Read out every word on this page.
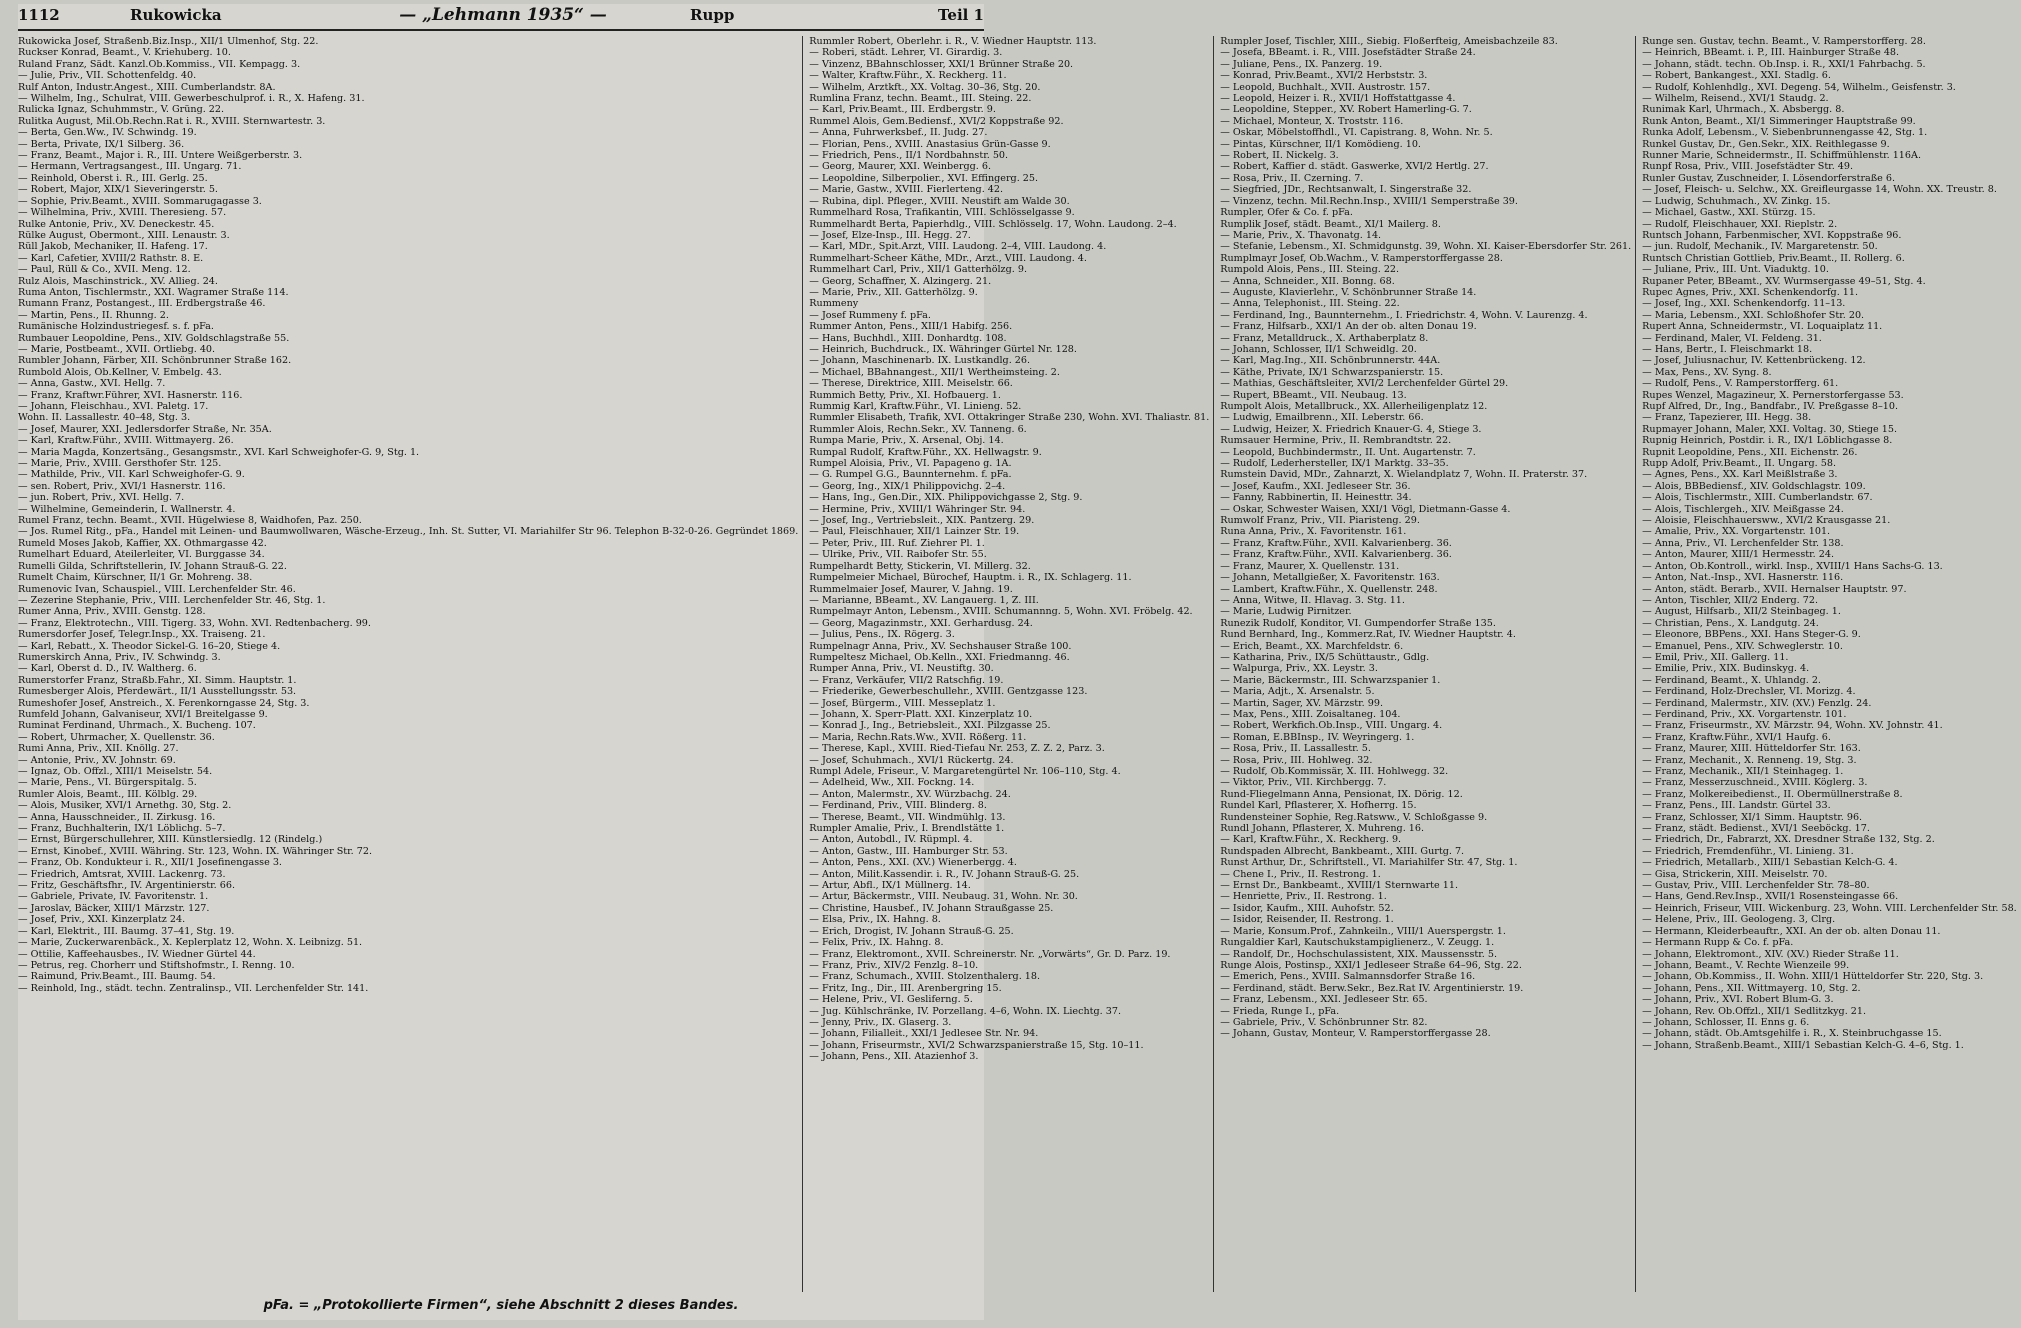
1112	Rukowicka	— „Lehmann 1935“ —	Rupp	Teil 1
Rukowicka Josef, Straßenb.Biz.Insp., XII/1 Ulmenhof, Stg. 22.
Ruckser Konrad, Beamt., V. Kriehuberg. 10.
Ruland Franz, Sädt. Kanzl.Ob.Kommiss., VII. Kempagg. 3.
— Julie, Priv., VII. Schottenfeldg. 40.
Rulf Anton, Industr.Angest., XIII. Cumberlandstr. 8A.
— Wilhelm, Ing., Schulrat, VIII. Gewerbeschulprof. i. R., X. Hafeng. 31.
Rulicka Ignaz, Schuhmmstr., V. Grüng. 22.
Rulitka August, Mil.Ob.Rechn.Rat i. R., XVIII. Sternwartestr. 3.
— Berta, Gen.Ww., IV. Schwindg. 19.
— Berta, Private, IX/1 Silberg. 36.
— Franz, Beamt., Major i. R., III. Untere Weißgerberstr. 3.
— Hermann, Vertragsangest., III. Ungarg. 71.
— Reinhold, Oberst i. R., III. Gerlg. 25.
— Robert, Major, XIX/1 Sieveringerstr. 5.
— Sophie, Priv.Beamt., XVIII. Sommarugagasse 3.
— Wilhelmina, Priv., XVIII. Theresieng. 57.
Rulke Antonie, Priv., XV. Deneckestr. 45.
Rülke August, Obermont., XIII. Lenaustr. 3.
Rüll Jakob, Mechaniker, II. Hafeng. 17.
— Karl, Cafetier, XVIII/2 Rathstr. 8. E.
— Paul, Rüll & Co., XVII. Meng. 12.
Rulz Alois, Maschinstrick., XV. Allieg. 24.
Ruma Anton, Tischlermstr., XXI. Wagramer Straße 114.
Rumann Franz, Postangest., III. Erdbergstraße 46.
— Martin, Pens., II. Rhunng. 2.
Rumänische Holzindustriegesf. s. f. pFa.
Rumbauer Leopoldine, Pens., XIV. Goldschlagstraße 55.
— Marie, Postbeamt., XVII. Ortliebg. 40.
Rumbler Johann, Färber, XII. Schönbrunner Straße 162.
Rumbold Alois, Ob.Kellner, V. Embelg. 43.
— Anna, Gastw., XVI. Hellg. 7.
— Franz, Kraftwr.Führer, XVI. Hasnerstr. 116.
— Johann, Fleischhau., XVI. Paletg. 17.
Wohn. II. Lassallestr. 40–48, Stg. 3.
— Josef, Maurer, XXI. Jedlersdorfer Straße, Nr. 35A.
— Karl, Kraftw.Führ., XVIII. Wittmayerg. 26.
— Maria Magda, Konzertsäng., Gesangsmstr., XVI. Karl Schweighofer-G. 9, Stg. 1.
— Marie, Priv., XVIII. Gersthofer Str. 125.
— Mathilde, Priv., VII. Karl Schweighofer-G. 9.
— sen. Robert, Priv., XVI/1 Hasnerstr. 116.
— jun. Robert, Priv., XVI. Hellg. 7.
— Wilhelmine, Gemeinderin, I. Wallnerstr. 4.
Rumel Franz, techn. Beamt., XVII. Hügelwiese 8, Waidhofen, Paz. 250.
— Jos. Rumel Ritg., pFa., Handel mit Leinen- und Baumwollwaren, Wäsche-Erzeug., Inh. St. Sutter, VI. Mariahilfer Str 96. Telephon B-32-0-26. Gegründet 1869.
Rumeld Moses Jakob, Kaffier, XX. Othmargasse 42.
Rumelhart Eduard, Ateilerleiter, VI. Burggasse 34.
Rumelli Gilda, Schriftstellerin, IV. Johann Strauß-G. 22.
Rumelt Chaim, Kürschner, II/1 Gr. Mohreng. 38.
Rumenovic Ivan, Schauspiel., VIII. Lerchenfelder Str. 46.
— Zezerine Stephanie, Priv., VIII. Lerchenfelder Str. 46, Stg. 1.
Rumer Anna, Priv., XVIII. Genstg. 128.
— Franz, Elektrotechn., VIII. Tigerg. 33, Wohn. XVI. Redtenbacherg. 99.
Rumersdorfer Josef, Telegr.Insp., XX. Traiseng. 21.
— Karl, Rebatt., X. Theodor Sickel-G. 16–20, Stiege 4.
Rumerskirch Anna, Priv., IV. Schwindg. 3.
— Karl, Oberst d. D., IV. Waltherg. 6.
Rumerstorfer Franz, Straßb.Fahr., XI. Simm. Hauptstr. 1.
Rumesberger Alois, Pferdewärt., II/1 Ausstellungsstr. 53.
Rumeshofer Josef, Anstreich., X. Ferenkorngasse 24, Stg. 3.
Rumfeld Johann, Galvaniseur, XVI/1 Breitelgasse 9.
Ruminat Ferdinand, Uhrmach., X. Bucheng. 107.
— Robert, Uhrmacher, X. Quellenstr. 36.
Rumi Anna, Priv., XII. Knöllg. 27.
— Antonie, Priv., XV. Johnstr. 69.
— Ignaz, Ob. Offzl., XIII/1 Meiselstr. 54.
— Marie, Pens., VI. Bürgerspitalg. 5.
Rumler Alois, Beamt., III. Kölblg. 29.
— Alois, Musiker, XVI/1 Arnethg. 30, Stg. 2.
— Anna, Hausschneider., II. Zirkusg. 16.
— Franz, Buchhalterin, IX/1 Löblichg. 5–7.
— Ernst, Bürgerschullehrer, XIII. Künstlersiedlg. 12 (Rindelg.)
— Ernst, Kinobef., XVIII. Währing. Str. 123, Wohn. IX. Währinger Str. 72.
— Franz, Ob. Kondukteur i. R., XII/1 Josefinengasse 3.
— Friedrich, Amtsrat, XVIII. Lackenrg. 73.
— Fritz, Geschäftsfhr., IV. Argentinierstr. 66.
— Gabriele, Private, IV. Favoritenstr. 1.
— Jaroslav, Bäcker, XIII/1 Märzstr. 127.
— Josef, Priv., XXI. Kinzerplatz 24.
— Karl, Elektrit., III. Baumg. 37–41, Stg. 19.
— Marie, Zuckerwarenbäck., X. Keplerplatz 12, Wohn. X. Leibnizg. 51.
— Ottilie, Kaffeehausbes., IV. Wiedner Gürtel 44.
— Petrus, reg. Chorherr und Stiftshofmstr., I. Renng. 10.
— Raimund, Priv.Beamt., III. Baumg. 54.
— Reinhold, Ing., städt. techn. Zentralinsp., VII. Lerchenfelder Str. 141.
Rummler Robert, Oberlehr. i. R., V. Wiedner Hauptstr. 113.
— Roberi, städt. Lehrer, VI. Girardig. 3.
— Vinzenz, BBahnschlosser, XXI/1 Brünner Straße 20.
— Walter, Kraftw.Führ., X. Reckherg. 11.
— Wilhelm, Arztkft., XX. Voltag. 30–36, Stg. 20.
Rumlina Franz, techn. Beamt., III. Steing. 22.
— Karl, Priv.Beamt., III. Erdbergstr. 9.
Rummel Alois, Gem.Bediensf., XVI/2 Koppstraße 92.
— Anna, Fuhrwerksbef., II. Judg. 27.
— Florian, Pens., XVIII. Anastasius Grün-Gasse 9.
— Friedrich, Pens., II/1 Nordbahnstr. 50.
— Georg, Maurer, XXI. Weinbergg. 6.
— Leopoldine, Silberpolier., XVI. Effingerg. 25.
— Marie, Gastw., XVIII. Fierlerteng. 42.
— Rubina, dipl. Pfleger., XVIII. Neustift am Walde 30.
Rummelhard Rosa, Trafikantin, VIII. Schlösselgasse 9.
Rummelhardt Berta, Papierhdlg., VIII. Schlösselg. 17, Wohn. Laudong. 2–4.
— Josef, Elze-Insp., III. Hegg. 27.
— Karl, MDr., Spit.Arzt, VIII. Laudong. 2–4, VIII. Laudong. 4.
Rummelhart-Scheer Käthe, MDr., Arzt., VIII. Laudong. 4.
Rummelhart Carl, Priv., XII/1 Gatterhölzg. 9.
— Georg, Schaffner, X. Alzingerg. 21.
— Marie, Priv., XII. Gatterhölzg. 9.
Rummeny
— Josef Rummeny f. pFa.
Rummer Anton, Pens., XIII/1 Habifg. 256.
— Hans, Buchhdl., XIII. Donhardtg. 108.
— Heinrich, Buchdruck., IX. Währinger Gürtel Nr. 128.
— Johann, Maschinenarb. IX. Lustkandlg. 26.
— Michael, BBahnangest., XII/1 Wertheimsteing. 2.
— Therese, Direktrice, XIII. Meiselstr. 66.
Rummich Betty, Priv., XI. Hofbauerg. 1.
Rummig Karl, Kraftw.Führ., VI. Linieng. 52.
Rummler Elisabeth, Trafik, XVI. Ottakringer Straße 230, Wohn. XVI. Thaliastr. 81.
Rummler Alois, Rechn.Sekr., XV. Tanneng. 6.
Rumpa Marie, Priv., X. Arsenal, Obj. 14.
Rumpal Rudolf, Kraftw.Führ., XX. Hellwagstr. 9.
Rumpel Aloisia, Priv., VI. Papageno g. 1A.
— G. Rumpel G.G., Baunnternehm. f. pFa.
— Georg, Ing., XIX/1 Philippovichg. 2–4.
— Hans, Ing., Gen.Dir., XIX. Philippovichgasse 2, Stg. 9.
— Hermine, Priv., XVIII/1 Währinger Str. 94.
— Josef, Ing., Vertriebsleit., XIX. Pantzerg. 29.
— Paul, Fleischhauer, XII/1 Lainzer Str. 19.
— Peter, Priv., III. Ruf. Ziehrer Pl. 1.
— Ulrike, Priv., VII. Raibofer Str. 55.
Rumpelhardt Betty, Stickerin, VI. Millerg. 32.
Rumpelmeier Michael, Bürochef, Hauptm. i. R., IX. Schlagerg. 11.
Rummelmaier Josef, Maurer, V. Jahng. 19.
— Marianne, BBeamt., XV. Langauerg. 1, Z. III.
Rumpelmayr Anton, Lebensm., XVIII. Schumannng. 5, Wohn. XVI. Fröbelg. 42.
— Georg, Magazinmstr., XXI. Gerhardusg. 24.
— Julius, Pens., IX. Rögerg. 3.
Rumpelnagr Anna, Priv., XV. Sechshauser Straße 100.
Rumpeltesz Michael, Ob.Kelln., XXI. Friedmanng. 46.
Rumper Anna, Priv., VI. Neustiftg. 30.
— Franz, Verkäufer, VII/2 Ratschfig. 19.
— Friederike, Gewerbeschullehr., XVIII. Gentzgasse 123.
— Josef, Bürgerm., VIII. Messeplatz 1.
— Johann, X. Sperr-Platt. XXI. Kinzerplatz 10.
— Konrad J., Ing., Betriebsleit., XXI. Pilzgasse 25.
— Maria, Rechn.Rats.Ww., XVII. Rößerg. 11.
— Therese, Kapl., XVIII. Ried-Tiefau Nr. 253, Z. Z. 2, Parz. 3.
— Josef, Schuhmach., XVI/1 Rückertg. 24.
Rumpl Adele, Friseur., V. Margaretengürtel Nr. 106–110, Stg. 4.
— Adelheid, Ww., XII. Fockng. 14.
— Anton, Malermstr., XV. Würzbachg. 24.
— Ferdinand, Priv., VIII. Blinderg. 8.
— Therese, Beamt., VII. Windmühlg. 13.
Rumpler Amalie, Priv., I. Brendlstätte 1.
— Anton, Autobdl., IV. Rüpmpl. 4.
— Anton, Gastw., III. Hamburger Str. 53.
— Anton, Pens., XXI. (XV.) Wienerbergg. 4.
— Anton, Milit.Kassendir. i. R., IV. Johann Strauß-G. 25.
— Artur, Abfl., IX/1 Müllnerg. 14.
— Artur, Bäckermstr., VIII. Neubaug. 31, Wohn. Nr. 30.
— Christine, Hausbef., IV. Johann Straußgasse 25.
— Elsa, Priv., IX. Hahng. 8.
— Erich, Drogist, IV. Johann Strauß-G. 25.
— Felix, Priv., IX. Hahng. 8.
— Franz, Elektromont., XVII. Schreinerstr. Nr. „Vorwärts“, Gr. D. Parz. 19.
— Franz, Priv., XIV/2 Fenzlg. 8–10.
— Franz, Schumach., XVIII. Stolzenthalerg. 18.
— Fritz, Ing., Dir., III. Arenbergring 15.
— Helene, Priv., VI. Gesliferng. 5.
— Jug. Kühlschränke, IV. Porzellang. 4–6, Wohn. IX. Liechtg. 37.
— Jenny, Priv., IX. Glaserg. 3.
— Johann, Filialleit., XXI/1 Jedlesee Str. Nr. 94.
— Johann, Friseurmstr., XVI/2 Schwarzspanierstraße 15, Stg. 10–11.
— Johann, Pens., XII. Atazienhof 3.
Rumpler Josef, Tischler, XIII., Siebig. Floßerfteig, Ameisbachzeile 83.
— Josefa, BBeamt. i. R., VIII. Josefstädter Straße 24.
— Juliane, Pens., IX. Panzerg. 19.
— Konrad, Priv.Beamt., XVI/2 Herbststr. 3.
— Leopold, Buchhalt., XVII. Austrostr. 157.
— Leopold, Heizer i. R., XVII/1 Hoffstattgasse 4.
— Leopoldine, Stepper., XV. Robert Hamerling-G. 7.
— Michael, Monteur, X. Troststr. 116.
— Oskar, Möbelstoffhdl., VI. Capistrang. 8, Wohn. Nr. 5.
— Pintas, Kürschner, II/1 Komödieng. 10.
— Robert, II. Nickelg. 3.
— Robert, Kaffier d. städt. Gaswerke, XVI/2 Hertlg. 27.
— Rosa, Priv., II. Czerning. 7.
— Siegfried, JDr., Rechtsanwalt, I. Singerstraße 32.
— Vinzenz, techn. Mil.Rechn.Insp., XVIII/1 Semperstraße 39.
Rumpler, Ofer & Co. f. pFa.
Rumplik Josef, städt. Beamt., XI/1 Mailerg. 8.
— Marie, Priv., X. Thavonatg. 14.
— Stefanie, Lebensm., XI. Schmidgunstg. 39, Wohn. XI. Kaiser-Ebersdorfer Str. 261.
Rumplmayr Josef, Ob.Wachm., V. Ramperstorffergasse 28.
Rumpold Alois, Pens., III. Steing. 22.
— Anna, Schneider., XII. Bonng. 68.
— Auguste, Klavierlehr., V. Schönbrunner Straße 14.
— Anna, Telephonist., III. Steing. 22.
— Ferdinand, Ing., Baunnternehm., I. Friedrichstr. 4, Wohn. V. Laurenzg. 4.
— Franz, Hilfsarb., XXI/1 An der ob. alten Donau 19.
— Franz, Metalldruck., X. Arthaberplatz 8.
— Johann, Schlosser, II/1 Schweidlg. 20.
— Karl, Mag.Ing., XII. Schönbrunnerstr. 44A.
— Käthe, Private, IX/1 Schwarzspanierstr. 15.
— Mathias, Geschäftsleiter, XVI/2 Lerchenfelder Gürtel 29.
— Rupert, BBeamt., VII. Neubaug. 13.
Rumpolt Alois, Metallbruck., XX. Allerheiligenplatz 12.
— Ludwig, Emailbrenn., XII. Leberstr. 66.
— Ludwig, Heizer, X. Friedrich Knauer-G. 4, Stiege 3.
Rumsauer Hermine, Priv., II. Rembrandtstr. 22.
— Leopold, Buchbindermstr., II. Unt. Augartenstr. 7.
— Rudolf, Lederhersteller, IX/1 Marktg. 33–35.
Rumstein David, MDr., Zahnarzt, X. Wielandplatz 7, Wohn. II. Praterstr. 37.
— Josef, Kaufm., XXI. Jedleseer Str. 36.
— Fanny, Rabbinertin, II. Heinesttr. 34.
— Oskar, Schwester Waisen, XXI/1 Vögl, Dietmann-Gasse 4.
Rumwolf Franz, Priv., VII. Piaristeng. 29.
Runa Anna, Priv., X. Favoritenstr. 161.
— Franz, Kraftw.Führ., XVII. Kalvarienberg. 36.
— Franz, Kraftw.Führ., XVII. Kalvarienberg. 36.
— Franz, Maurer, X. Quellenstr. 131.
— Johann, Metallgießer, X. Favoritenstr. 163.
— Lambert, Kraftw.Führ., X. Quellenstr. 248.
— Anna, Witwe, II. Hlavag. 3. Stg. 11.
— Marie, Ludwig Pirnitzer.
Runezik Rudolf, Konditor, VI. Gumpendorfer Straße 135.
Rund Bernhard, Ing., Kommerz.Rat, IV. Wiedner Hauptstr. 4.
— Erich, Beamt., XX. Marchfeldstr. 6.
— Katharina, Priv., IX/5 Schüttaustr., Gdlg.
— Walpurga, Priv., XX. Leystr. 3.
— Marie, Bäckermstr., III. Schwarzspanier 1.
— Maria, Adjt., X. Arsenalstr. 5.
— Martin, Sager, XV. Märzstr. 99.
— Max, Pens., XIII. Zoisaltaneg. 104.
— Robert, Werkfich.Ob.Insp., VIII. Ungarg. 4.
— Roman, E.BBInsp., IV. Weyringerg. 1.
— Rosa, Priv., II. Lassallestr. 5.
— Rosa, Priv., III. Hohlweg. 32.
— Rudolf, Ob.Kommissär, X. III. Hohlwegg. 32.
— Viktor, Priv., VII. Kirchbergg. 7.
Rund-Fliegelmann Anna, Pensionat, IX. Dörig. 12.
Rundel Karl, Pflasterer, X. Hofherrg. 15.
Rundensteiner Sophie, Reg.Ratsww., V. Schloßgasse 9.
Rundl Johann, Pflasterer, X. Muhreng. 16.
— Karl, Kraftw.Führ., X. Reckherg. 9.
Rundspaden Albrecht, Bankbeamt., XIII. Gurtg. 7.
Runst Arthur, Dr., Schriftstell., VI. Mariahilfer Str. 47, Stg. 1.
— Chene I., Priv., II. Restrong. 1.
— Ernst Dr., Bankbeamt., XVIII/1 Sternwarte 11.
— Henriette, Priv., II. Restrong. 1.
— Isidor, Kaufm., XIII. Auhofstr. 52.
— Isidor, Reisender, II. Restrong. 1.
— Marie, Konsum.Prof., Zahnkeiln., VIII/1 Auerspergstr. 1.
Rungaldier Karl, Kautschukstampiglienerz., V. Zeugg. 1.
— Randolf, Dr., Hochschulassistent, XIX. Maussensstr. 5.
Runge Alois, Postinsp., XXI/1 Jedleseer Straße 64–96, Stg. 22.
— Emerich, Pens., XVIII. Salmannsdorfer Straße 16.
— Ferdinand, städt. Berw.Sekr., Bez.Rat IV. Argentinierstr. 19.
— Franz, Lebensm., XXI. Jedleseer Str. 65.
— Frieda, Runge I., pFa.
— Gabriele, Priv., V. Schönbrunner Str. 82.
— Johann, Gustav, Monteur, V. Ramperstorffergasse 28.
Runge sen. Gustav, techn. Beamt., V. Ramperstorfferg. 28.
— Heinrich, BBeamt. i. P., III. Hainburger Straße 48.
— Johann, städt. techn. Ob.Insp. i. R., XXI/1 Fahrbachg. 5.
— Robert, Bankangest., XXI. Stadlg. 6.
— Rudolf, Kohlenhdlg., XVI. Degeng. 54, Wilhelm., Geisfenstr. 3.
— Wilhelm, Reisend., XVI/1 Staudg. 2.
Runimak Karl, Uhrmach., X. Absbergg. 8.
Runk Anton, Beamt., XI/1 Simmeringer Hauptstraße 99.
Runka Adolf, Lebensm., V. Siebenbrunnengasse 42, Stg. 1.
Runkel Gustav, Dr., Gen.Sekr., XIX. Reithlegasse 9.
Runner Marie, Schneidermstr., II. Schiffmühlenstr. 116A.
Runpf Rosa, Priv., VIII. Josefstädter Str. 49.
Runler Gustav, Zuschneider, I. Lösendorferstraße 6.
— Josef, Fleisch- u. Selchw., XX. Greifleurgasse 14, Wohn. XX. Treustr. 8.
— Ludwig, Schuhmach., XV. Zinkg. 15.
— Michael, Gastw., XXI. Stürzg. 15.
— Rudolf, Fleischhauer, XXI. Rieplstr. 2.
Runtsch Johann, Farbenmischer, XVI. Koppstraße 96.
— jun. Rudolf, Mechanik., IV. Margaretenstr. 50.
Runtsch Christian Gottlieb, Priv.Beamt., II. Rollerg. 6.
— Juliane, Priv., III. Unt. Viaduktg. 10.
Rupaner Peter, BBeamt., XV. Wurmsergasse 49–51, Stg. 4.
Rupec Agnes, Priv., XXI. Schenkendorfg. 11.
— Josef, Ing., XXI. Schenkendorfg. 11–13.
— Maria, Lebensm., XXI. Schloßhofer Str. 20.
Rupert Anna, Schneidermstr., VI. Loquaiplatz 11.
— Ferdinand, Maler, VI. Feldeng. 31.
— Hans, Bertr., I. Fleischmarkt 18.
— Josef, Juliusnachur, IV. Kettenbrückeng. 12.
— Max, Pens., XV. Syng. 8.
— Rudolf, Pens., V. Ramperstorfferg. 61.
Rupes Wenzel, Magazineur, X. Pernerstorfergasse 53.
Rupf Alfred, Dr., Ing., Bandfabr., IV. Preßgasse 8–10.
— Franz, Tapezierer, III. Hegg. 38.
Rupmayer Johann, Maler, XXI. Voltag. 30, Stiege 15.
Rupnig Heinrich, Postdir. i. R., IX/1 Löblichgasse 8.
Rupnit Leopoldine, Pens., XII. Eichenstr. 26.
Rupp Adolf, Priv.Beamt., II. Ungarg. 58.
— Agnes, Pens., XX. Karl Meißlstraße 3.
— Alois, BBBediensf., XIV. Goldschlagstr. 109.
— Alois, Tischlermstr., XIII. Cumberlandstr. 67.
— Alois, Tischlergeh., XIV. Meißgasse 24.
— Aloisie, Fleischhauersww., XVI/2 Krausgasse 21.
— Amalie, Priv., XX. Vorgartenstr. 101.
— Anna, Priv., VI. Lerchenfelder Str. 138.
— Anton, Maurer, XIII/1 Hermesstr. 24.
— Anton, Ob.Kontroll., wirkl. Insp., XVIII/1 Hans Sachs-G. 13.
— Anton, Nat.-Insp., XVI. Hasnerstr. 116.
— Anton, städt. Berarb., XVII. Hernalser Hauptstr. 97.
— Anton, Tischler, XII/2 Enderg. 72.
— August, Hilfsarb., XII/2 Steinbageg. 1.
— Christian, Pens., X. Landgutg. 24.
— Eleonore, BBPens., XXI. Hans Steger-G. 9.
— Emanuel, Pens., XIV. Schweglerstr. 10.
— Emil, Priv., XII. Gallerg. 11.
— Emilie, Priv., XIX. Budinskyg. 4.
— Ferdinand, Beamt., X. Uhlandg. 2.
— Ferdinand, Holz-Drechsler, VI. Morizg. 4.
— Ferdinand, Malermstr., XIV. (XV.) Fenzlg. 24.
— Ferdinand, Priv., XX. Vorgartenstr. 101.
— Franz, Friseurmstr., XV. Märzstr. 94, Wohn. XV. Johnstr. 41.
— Franz, Kraftw.Führ., XVI/1 Haufg. 6.
— Franz, Maurer, XIII. Hütteldorfer Str. 163.
— Franz, Mechanit., X. Renneng. 19, Stg. 3.
— Franz, Mechanik., XII/1 Steinhageg. 1.
— Franz, Messerzuschneid., XVIII. Köglerg. 3.
— Franz, Molkereibedienst., II. Obermüllnerstraße 8.
— Franz, Pens., III. Landstr. Gürtel 33.
— Franz, Schlosser, XI/1 Simm. Hauptstr. 96.
— Franz, städt. Bedienst., XVI/1 Seeböckg. 17.
— Friedrich, Dr., Fabrarzt, XX. Dresdner Straße 132, Stg. 2.
— Friedrich, Fremdenführ., VI. Linieng. 31.
— Friedrich, Metallarb., XIII/1 Sebastian Kelch-G. 4.
— Gisa, Strickerin, XIII. Meiselstr. 70.
— Gustav, Priv., VIII. Lerchenfelder Str. 78–80.
— Hans, Gend.Rev.Insp., XVII/1 Rosensteingasse 66.
— Heinrich, Friseur, VIII. Wickenburg. 23, Wohn. VIII. Lerchenfelder Str. 58.
— Helene, Priv., III. Geologeng. 3, Clrg.
— Hermann, Kleiderbeauftr., XXI. An der ob. alten Donau 11.
— Hermann Rupp & Co. f. pFa.
— Johann, Elektromont., XIV. (XV.) Rieder Straße 11.
— Johann, Beamt., V. Rechte Wienzeile 99.
— Johann, Ob.Kommiss., II. Wohn. XIII/1 Hütteldorfer Str. 220, Stg. 3.
— Johann, Pens., XII. Wittmayerg. 10, Stg. 2.
— Johann, Priv., XVI. Robert Blum-G. 3.
— Johann, Rev. Ob.Offzl., XII/1 Sedlitzkyg. 21.
— Johann, Schlosser, II. Enns g. 6.
— Johann, städt. Ob.Amtsgehilfe i. R., X. Steinbruchgasse 15.
— Johann, Straßenb.Beamt., XIII/1 Sebastian Kelch-G. 4–6, Stg. 1.
pFa. = „Protokollierte Firmen“, siehe Abschnitt 2 dieses Bandes.
